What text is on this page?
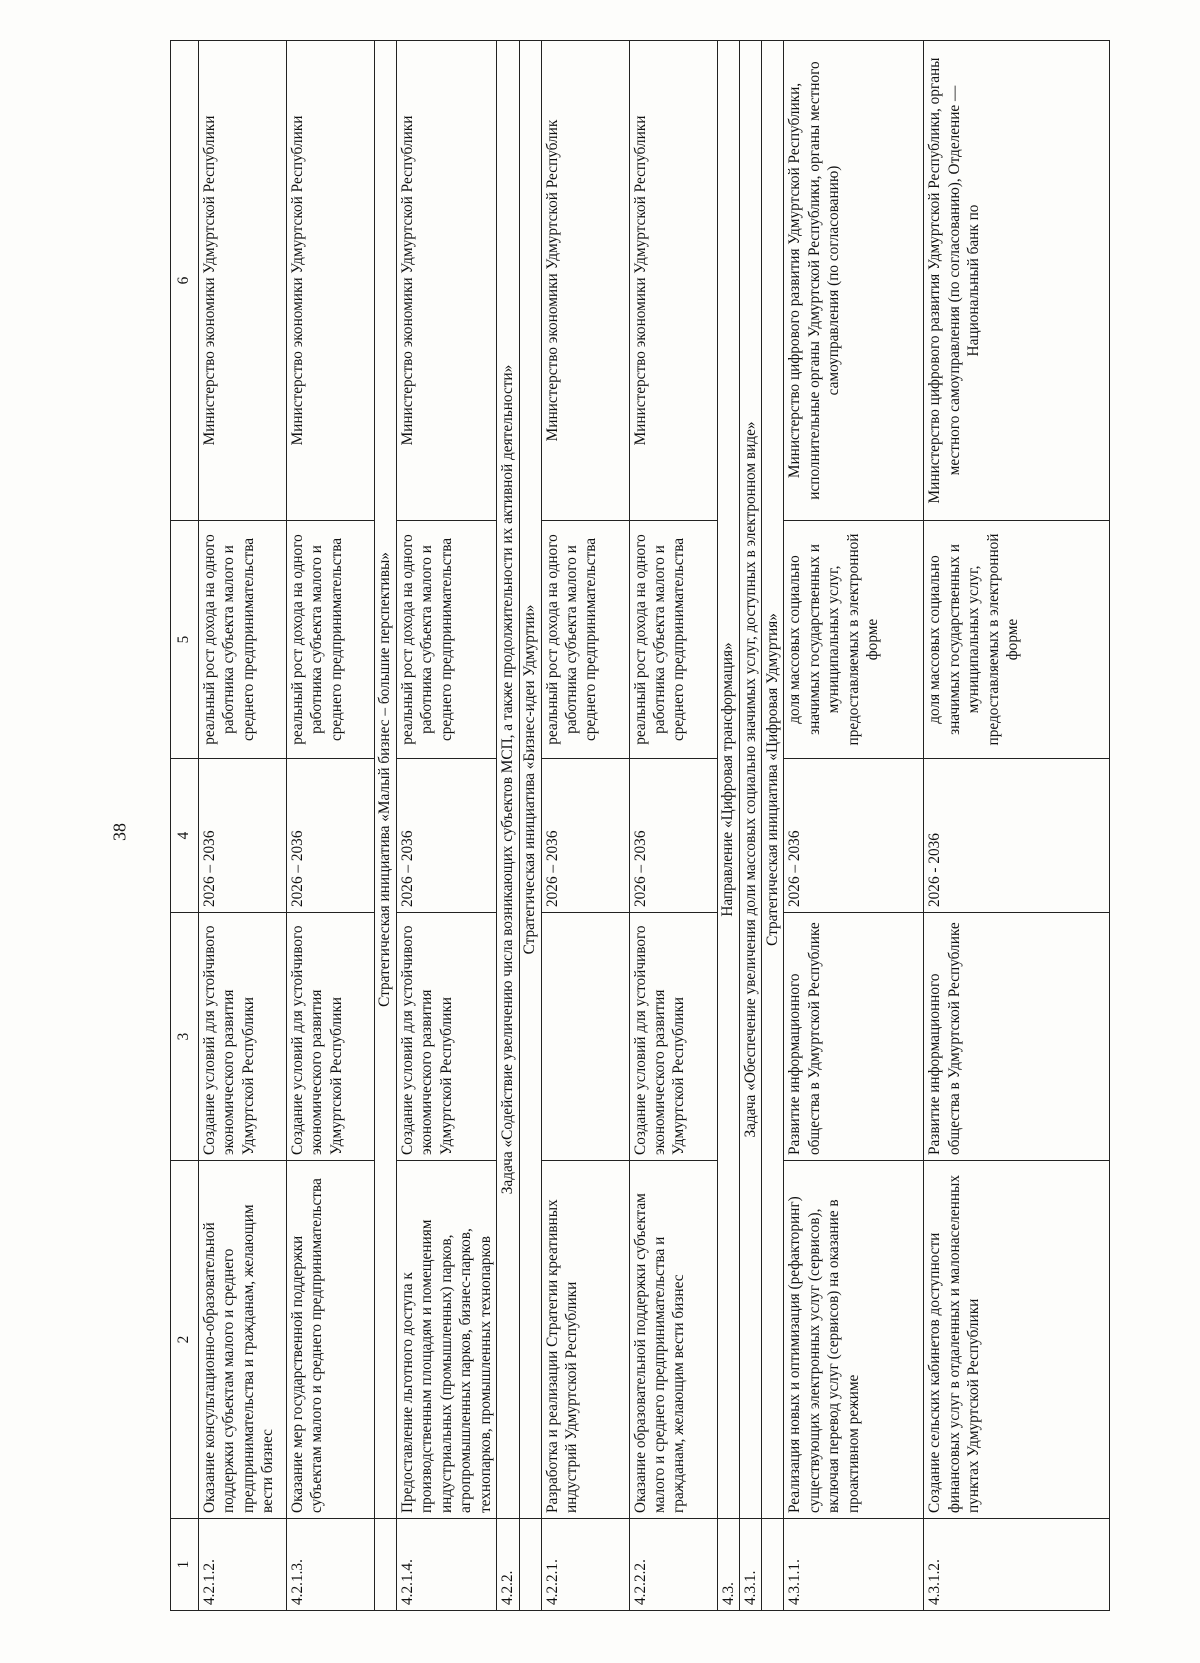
38
1	2	3	4	5	6
4.2.1.2.	Оказание консультационно-образовательной поддержки субъектам малого и среднего предпринимательства и гражданам, желающим вести бизнес	Создание условий для устойчивого экономического развития Удмуртской Республики	2026 – 2036	реальный рост дохода на одного работника субъекта малого и среднего предпринимательства	Министерство экономики Удмуртской Республики
4.2.1.3.	Оказание мер государственной поддержки субъектам малого и среднего предпринимательства	Создание условий для устойчивого экономического развития Удмуртской Республики	2026 – 2036	реальный рост дохода на одного работника субъекта малого и среднего предпринимательства	Министерство экономики Удмуртской Республики
	Стратегическая инициатива «Малый бизнес – большие перспективы»				
4.2.1.4.	Предоставление льготного доступа к производственным площадям и помещениям индустриальных (промышленных) парков, агропромышленных парков, бизнес-парков, технопарков, промышленных технопарков	Создание условий для устойчивого экономического развития Удмуртской Республики	2026 – 2036	реальный рост дохода на одного работника субъекта малого и среднего предпринимательства	Министерство экономики Удмуртской Республики
4.2.2.	Задача «Содействие увеличению числа возникающих субъектов МСП, а также продолжительности их активной деятельности»				
	Стратегическая инициатива «Бизнес-идеи Удмуртии»				
4.2.2.1.	Разработка и реализации Стратегии креативных индустрий Удмуртской Республики		2026 – 2036	реальный рост дохода на одного работника субъекта малого и среднего предпринимательства	Министерство экономики Удмуртской Республик
4.2.2.2.	Оказание образовательной поддержки субъектам малого и среднего предпринимательства и гражданам, желающим вести бизнес	Создание условий для устойчивого экономического развития Удмуртской Республики	2026 – 2036	реальный рост дохода на одного работника субъекта малого и среднего предпринимательства	Министерство экономики Удмуртской Республики
4.3.	Направление «Цифровая трансформация»				
4.3.1.	Задача «Обеспечение увеличения доли массовых социально значимых услуг, доступных в электронном виде»				
	Стратегическая инициатива «Цифровая Удмуртия»				
4.3.1.1.	Реализация новых и оптимизация (рефакторинг) существующих электронных услуг (сервисов), включая перевод услуг (сервисов) на оказание в проактивном режиме	Развитие информационного общества в Удмуртской Республике	2026 – 2036	доля массовых социально значимых государственных и муниципальных услуг, предоставляемых в электронной форме	Министерство цифрового развития Удмуртской Республики, исполнительные органы Удмуртской Республики, органы местного самоуправления (по согласованию)
4.3.1.2.	Создание сельских кабинетов доступности финансовых услуг в отдаленных и малонаселенных пунктах Удмуртской Республики	Развитие информационного общества в Удмуртской Республике	2026 - 2036	доля массовых социально значимых государственных и муниципальных услуг, предоставляемых в электронной форме	Министерство цифрового развития Удмуртской Республики, органы местного самоуправления (по согласованию), Отделение — Национальный банк по
